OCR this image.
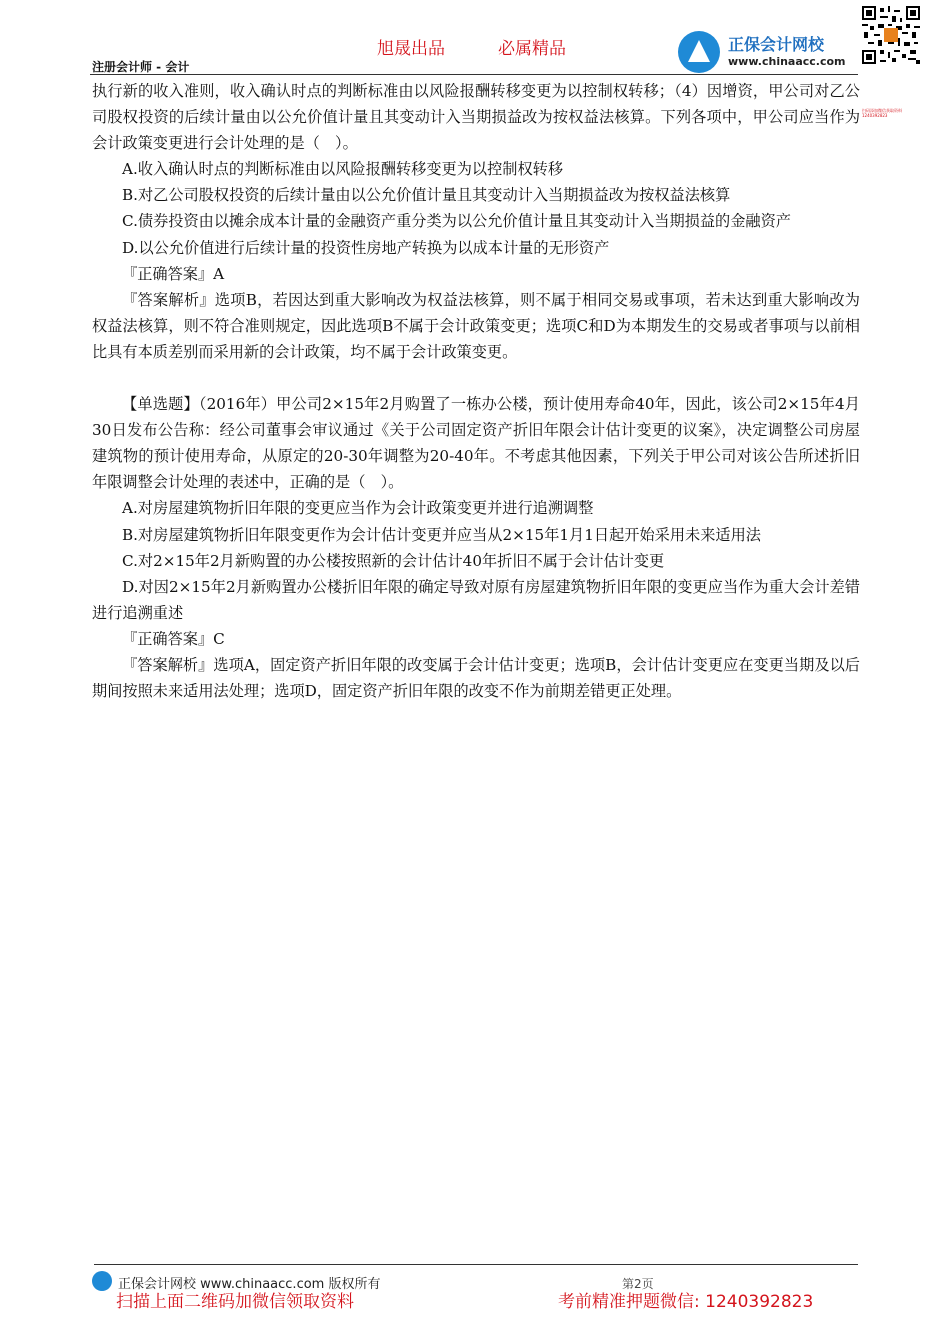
旭晟出品	必属精品
注册会计师 - 会计
正保会计网校
www.chinaacc.com
扫码添加微信获取资料 1240392823

执行新的收入准则，收入确认时点的判断标准由以风险报酬转移变更为以控制权转移；（4）因增资，甲公司对乙公司股权投资的后续计量由以公允价值计量且其变动计入当期损益改为按权益法核算。下列各项中，甲公司应当作为会计政策变更进行会计处理的是（　）。

A.收入确认时点的判断标准由以风险报酬转移变更为以控制权转移

B.对乙公司股权投资的后续计量由以公允价值计量且其变动计入当期损益改为按权益法核算

C.债券投资由以摊余成本计量的金融资产重分类为以公允价值计量且其变动计入当期损益的金融资产

D.以公允价值进行后续计量的投资性房地产转换为以成本计量的无形资产

『正确答案』A

『答案解析』选项B，若因达到重大影响改为权益法核算，则不属于相同交易或事项，若未达到重大影响改为权益法核算，则不符合准则规定，因此选项B不属于会计政策变更；选项C和D为本期发生的交易或者事项与以前相比具有本质差别而采用新的会计政策，均不属于会计政策变更。

【单选题】（2016年）甲公司2×15年2月购置了一栋办公楼，预计使用寿命40年，因此，该公司2×15年4月30日发布公告称：经公司董事会审议通过《关于公司固定资产折旧年限会计估计变更的议案》，决定调整公司房屋建筑物的预计使用寿命，从原定的20-30年调整为20-40年。不考虑其他因素，下列关于甲公司对该公告所述折旧年限调整会计处理的表述中，正确的是（　）。

A.对房屋建筑物折旧年限的变更应当作为会计政策变更并进行追溯调整

B.对房屋建筑物折旧年限变更作为会计估计变更并应当从2×15年1月1日起开始采用未来适用法

C.对2×15年2月新购置的办公楼按照新的会计估计40年折旧不属于会计估计变更

D.对因2×15年2月新购置办公楼折旧年限的确定导致对原有房屋建筑物折旧年限的变更应当作为重大会计差错进行追溯重述

『正确答案』C

『答案解析』选项A，固定资产折旧年限的改变属于会计估计变更；选项B，会计估计变更应在变更当期及以后期间按照未来适用法处理；选项D，固定资产折旧年限的改变不作为前期差错更正处理。

正保会计网校 www.chinaacc.com 版权所有	第2页
扫描上面二维码加微信领取资料	考前精准押题微信: 1240392823
